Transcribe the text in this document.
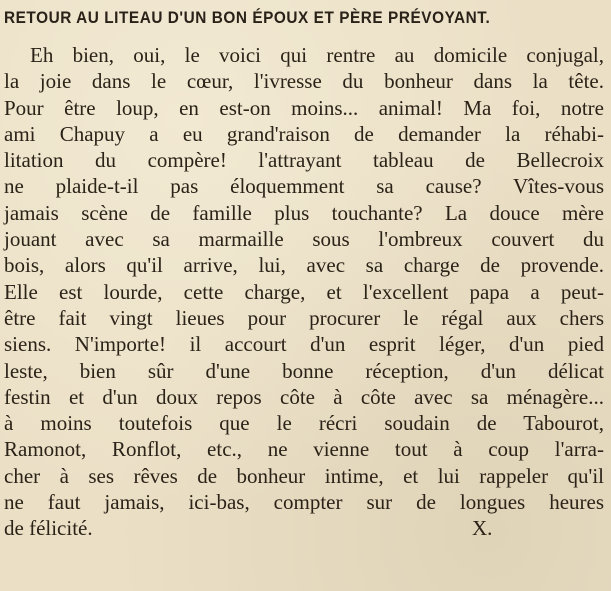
RETOUR AU LITEAU D'UN BON ÉPOUX ET PÈRE PRÉVOYANT.
Eh bien, oui, le voici qui rentre au domicile conjugal,
la joie dans le cœur, l'ivresse du bonheur dans la tête.
Pour être loup, en est-on moins... animal! Ma foi, notre
ami Chapuy a eu grand'raison de demander la réhabi-
litation du compère! l'attrayant tableau de Bellecroix
ne plaide-t-il pas éloquemment sa cause? Vîtes-vous
jamais scène de famille plus touchante? La douce mère
jouant avec sa marmaille sous l'ombreux couvert du
bois, alors qu'il arrive, lui, avec sa charge de provende.
Elle est lourde, cette charge, et l'excellent papa a peut-
être fait vingt lieues pour procurer le régal aux chers
siens. N'importe! il accourt d'un esprit léger, d'un pied
leste, bien sûr d'une bonne réception, d'un délicat
festin et d'un doux repos côte à côte avec sa ménagère...
à moins toutefois que le récri soudain de Tabourot,
Ramonot, Ronflot, etc., ne vienne tout à coup l'arra-
cher à ses rêves de bonheur intime, et lui rappeler qu'il
ne faut jamais, ici-bas, compter sur de longues heures
de félicité.	X.
